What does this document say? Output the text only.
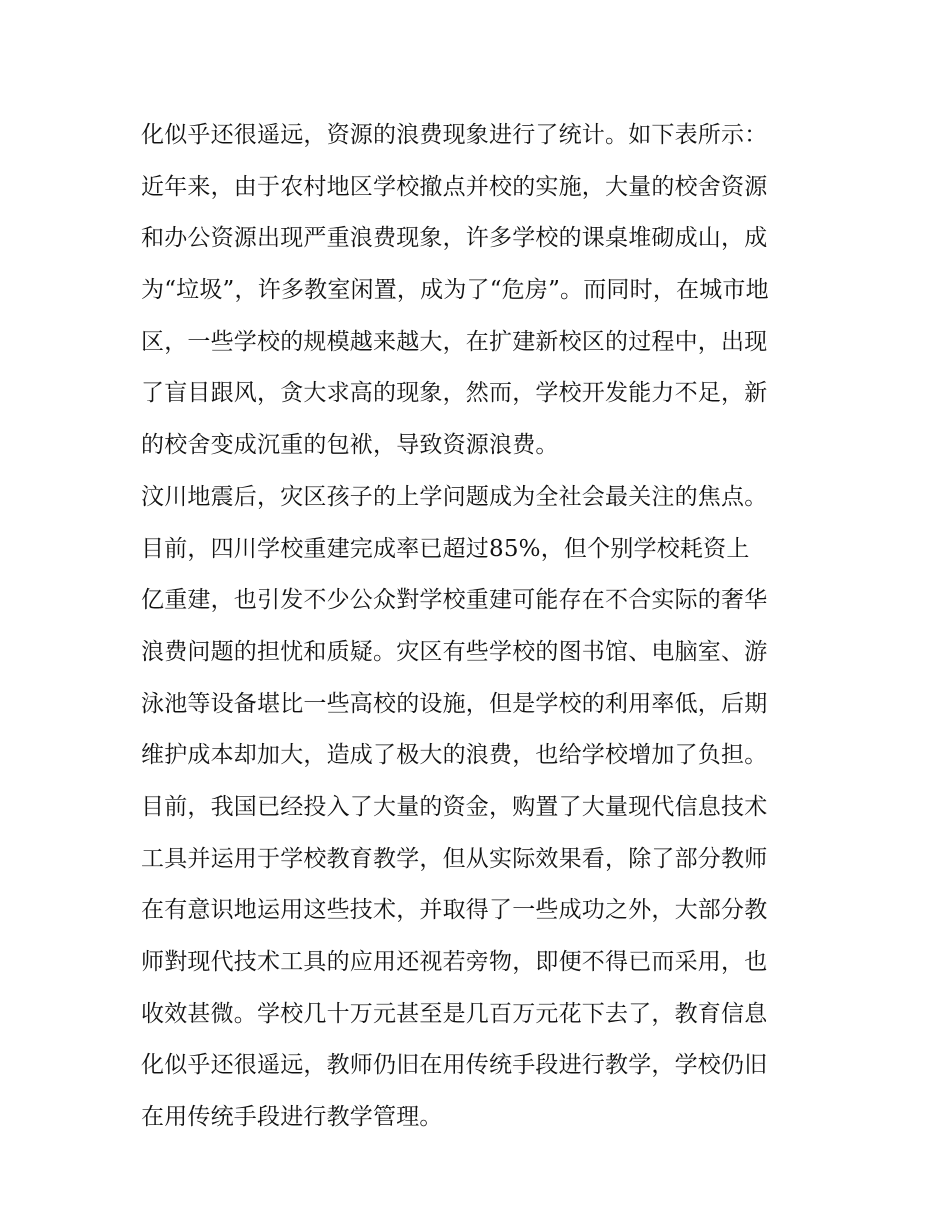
化似乎还很遥远，资源的浪费现象进行了统计。如下表所示：
近年来，由于农村地区学校撤点并校的实施，大量的校舍资源
和办公资源出现严重浪费现象，许多学校的课桌堆砌成山，成
为“垃圾”，许多教室闲置，成为了“危房”。而同时，在城市地
区，一些学校的规模越来越大，在扩建新校区的过程中，出现
了盲目跟风，贪大求高的现象，然而，学校开发能力不足，新
的校舍变成沉重的包袱，导致资源浪费。
汶川地震后，灾区孩子的上学问题成为全社会最关注的焦点。
目前，四川学校重建完成率已超过85%，但个别学校耗资上
亿重建，也引发不少公众對学校重建可能存在不合实际的奢华
浪费问题的担忧和质疑。灾区有些学校的图书馆、电脑室、游
泳池等设备堪比一些高校的设施，但是学校的利用率低，后期
维护成本却加大，造成了极大的浪费，也给学校增加了负担。
目前，我国已经投入了大量的资金，购置了大量现代信息技术
工具并运用于学校教育教学，但从实际效果看，除了部分教师
在有意识地运用这些技术，并取得了一些成功之外，大部分教
师對现代技术工具的应用还视若旁物，即便不得已而采用，也
收效甚微。学校几十万元甚至是几百万元花下去了，教育信息
化似乎还很遥远，教师仍旧在用传统手段进行教学，学校仍旧
在用传统手段进行教学管理。
